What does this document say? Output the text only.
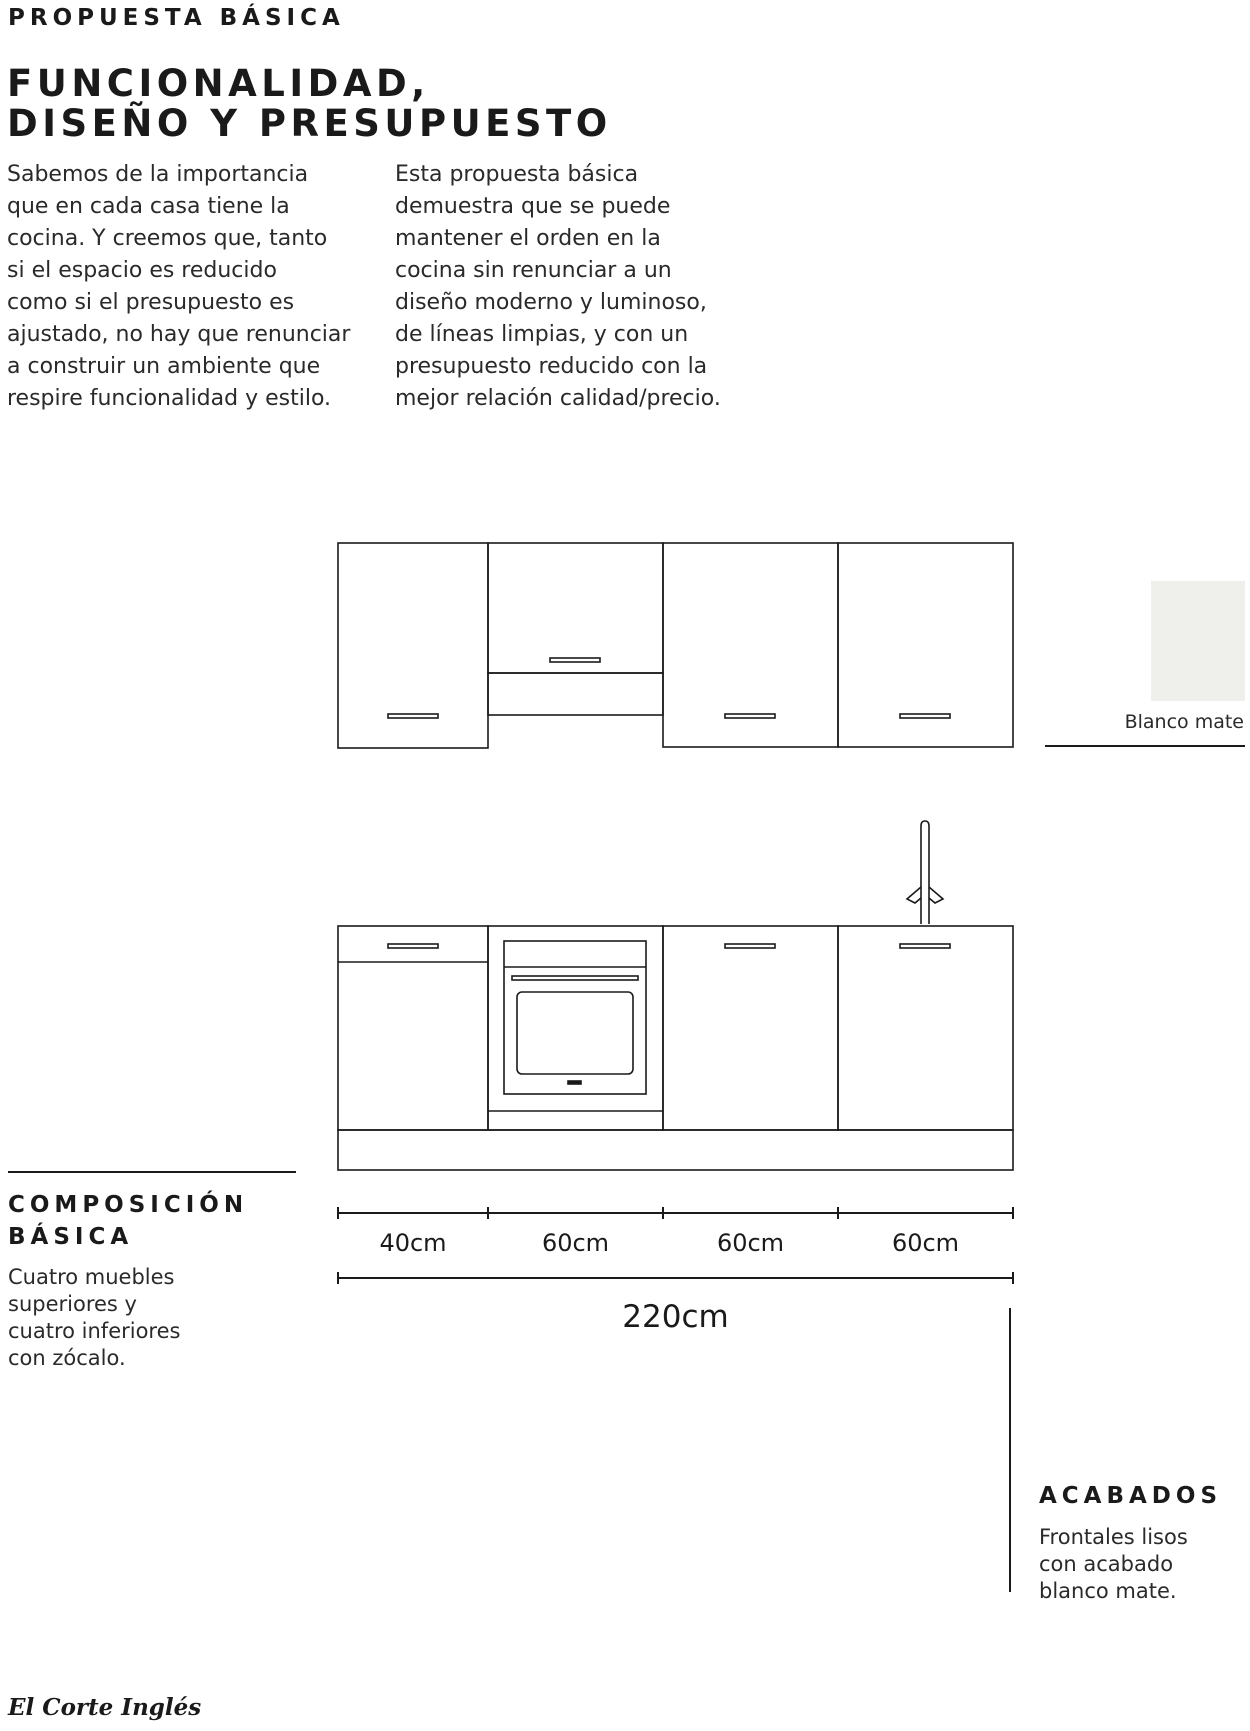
PROPUESTA BÁSICA
FUNCIONALIDAD,
DISEÑO Y PRESUPUESTO
Sabemos de la importancia
que en cada casa tiene la
cocina. Y creemos que, tanto
si el espacio es reducido
como si el presupuesto es
ajustado, no hay que renunciar
a construir un ambiente que
respire funcionalidad y estilo.
Esta propuesta básica
demuestra que se puede
mantener el orden en la
cocina sin renunciar a un
diseño moderno y luminoso,
de líneas limpias, y con un
presupuesto reducido con la
mejor relación calidad/precio.
Blanco mate
COMPOSICIÓN
BÁSICA
Cuatro muebles
superiores y
cuatro inferiores
con zócalo.
40cm	60cm	60cm	60cm
220cm
ACABADOS
Frontales lisos
con acabado
blanco mate.
El Corte Inglés
